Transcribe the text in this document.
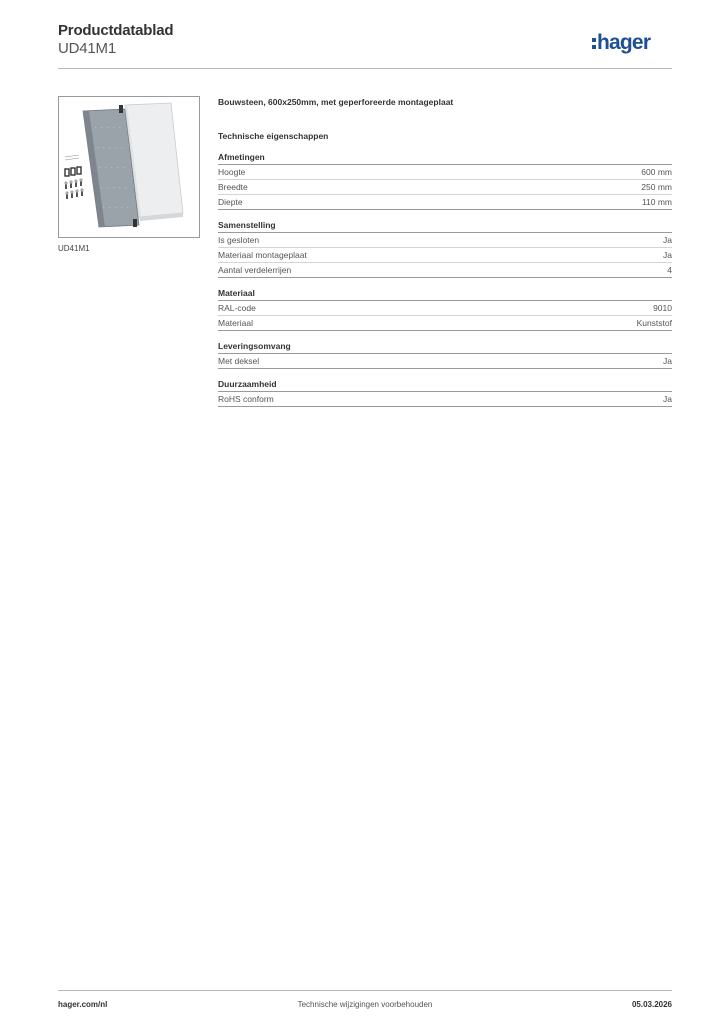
Productdatablad
UD41M1	hager
UD41M1
Bouwsteen, 600x250mm, met geperforeerde montageplaat
Technische eigenschappen
Afmetingen
Hoogte	600 mm
Breedte	250 mm
Diepte	110 mm
Samenstelling
Is gesloten	Ja
Materiaal montageplaat	Ja
Aantal verdelerrijen	4
Materiaal
RAL-code	9010
Materiaal	Kunststof
Leveringsomvang
Met deksel	Ja
Duurzaamheid
RoHS conform	Ja
hager.com/nl	Technische wijzigingen voorbehouden	05.03.2026
